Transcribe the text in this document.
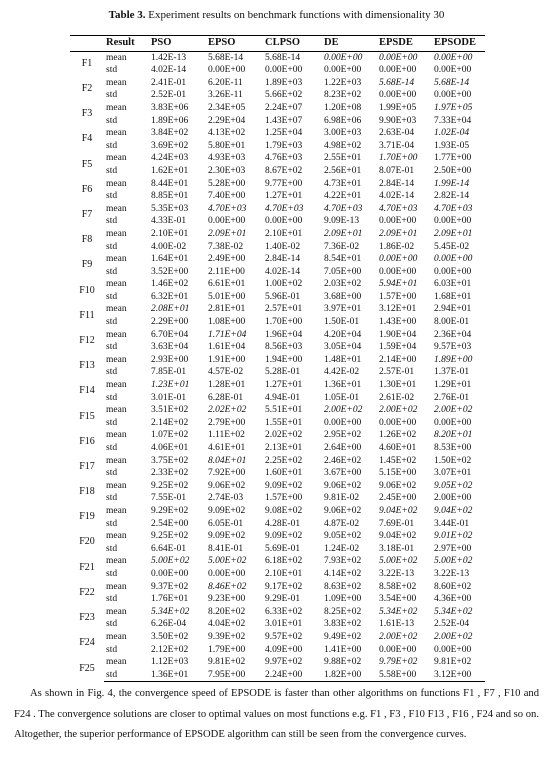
Table 3. Experiment results on benchmark functions with dimensionality 30
	Result	PSO	EPSO	CLPSO	DE	EPSDE	EPSODE
F1	mean	1.42E-13	5.68E-14	5.68E-14	0.00E+00	0.00E+00	0.00E+00
	std	4.02E-14	0.00E+00	0.00E+00	0.00E+00	0.00E+00	0.00E+00
F2	mean	2.41E-01	6.20E-11	1.89E+03	1.22E+03	5.68E-14	5.68E-14
	std	2.52E-01	3.26E-11	5.66E+02	8.23E+02	0.00E+00	0.00E+00
F3	mean	3.83E+06	2.34E+05	2.24E+07	1.20E+08	1.99E+05	1.97E+05
	std	1.89E+06	2.29E+04	1.43E+07	6.98E+06	9.90E+03	7.33E+04
F4	mean	3.84E+02	4.13E+02	1.25E+04	3.00E+03	2.63E-04	1.02E-04
	std	3.69E+02	5.80E+01	1.79E+03	4.98E+02	3.71E-04	1.93E-05
F5	mean	4.24E+03	4.93E+03	4.76E+03	2.55E+01	1.70E+00	1.77E+00
	std	1.62E+01	2.30E+03	8.67E+02	2.56E+01	8.07E-01	2.50E+00
F6	mean	8.44E+01	5.28E+00	9.77E+00	4.73E+01	2.84E-14	1.99E-14
	std	8.85E+01	7.40E+00	1.27E+01	4.22E+01	4.02E-14	2.82E-14
F7	mean	5.35E+03	4.70E+03	4.70E+03	4.70E+03	4.70E+03	4.70E+03
	std	4.33E-01	0.00E+00	0.00E+00	9.09E-13	0.00E+00	0.00E+00
F8	mean	2.10E+01	2.09E+01	2.10E+01	2.09E+01	2.09E+01	2.09E+01
	std	4.00E-02	7.38E-02	1.40E-02	7.36E-02	1.86E-02	5.45E-02
F9	mean	1.64E+01	2.49E+00	2.84E-14	8.54E+01	0.00E+00	0.00E+00
	std	3.52E+00	2.11E+00	4.02E-14	7.05E+00	0.00E+00	0.00E+00
F10	mean	1.46E+02	6.61E+01	1.00E+02	2.03E+02	5.94E+01	6.03E+01
	std	6.32E+01	5.01E+00	5.96E-01	3.68E+00	1.57E+00	1.68E+01
F11	mean	2.08E+01	2.81E+01	2.57E+01	3.97E+01	3.12E+01	2.94E+01
	std	2.29E+00	1.08E+00	1.70E+00	1.50E-01	1.43E+00	8.00E-01
F12	mean	6.70E+04	1.71E+04	1.96E+04	4.20E+04	1.90E+04	2.36E+04
	std	3.63E+04	1.61E+04	8.56E+03	3.05E+04	1.59E+04	9.57E+03
F13	mean	2.93E+00	1.91E+00	1.94E+00	1.48E+01	2.14E+00	1.89E+00
	std	7.85E-01	4.57E-02	5.28E-01	4.42E-02	2.57E-01	1.37E-01
F14	mean	1.23E+01	1.28E+01	1.27E+01	1.36E+01	1.30E+01	1.29E+01
	std	3.01E-01	6.28E-01	4.94E-01	1.05E-01	2.61E-02	2.76E-01
F15	mean	3.51E+02	2.02E+02	5.51E+01	2.00E+02	2.00E+02	2.00E+02
	std	2.14E+02	2.79E+00	1.55E+01	0.00E+00	0.00E+00	0.00E+00
F16	mean	1.07E+02	1.11E+02	2.02E+02	2.95E+02	1.26E+02	8.20E+01
	std	4.06E+01	4.61E+01	2.13E+01	2.64E+00	4.60E+01	8.53E+00
F17	mean	3.75E+02	8.04E+01	2.25E+02	2.46E+02	1.45E+02	1.50E+02
	std	2.33E+02	7.92E+00	1.60E+01	3.67E+00	5.15E+00	3.07E+01
F18	mean	9.25E+02	9.06E+02	9.09E+02	9.06E+02	9.06E+02	9.05E+02
	std	7.55E-01	2.74E-03	1.57E+00	9.81E-02	2.45E+00	2.00E+00
F19	mean	9.29E+02	9.09E+02	9.08E+02	9.06E+02	9.04E+02	9.04E+02
	std	2.54E+00	6.05E-01	4.28E-01	4.87E-02	7.69E-01	3.44E-01
F20	mean	9.25E+02	9.09E+02	9.09E+02	9.05E+02	9.04E+02	9.01E+02
	std	6.64E-01	8.41E-01	5.69E-01	1.24E-02	3.18E-01	2.97E+00
F21	mean	5.00E+02	5.00E+02	6.18E+02	7.93E+02	5.00E+02	5.00E+02
	std	0.00E+00	0.00E+00	2.10E+01	4.14E+02	3.22E-13	3.22E-13
F22	mean	9.37E+02	8.46E+02	9.17E+02	8.63E+02	8.58E+02	8.60E+02
	std	1.76E+01	9.23E+00	9.29E-01	1.09E+00	3.54E+00	4.36E+00
F23	mean	5.34E+02	8.20E+02	6.33E+02	8.25E+02	5.34E+02	5.34E+02
	std	6.26E-04	4.04E+02	3.01E+01	3.83E+02	1.61E-13	2.52E-04
F24	mean	3.50E+02	9.39E+02	9.57E+02	9.49E+02	2.00E+02	2.00E+02
	std	2.12E+02	1.79E+00	4.09E+00	1.41E+00	0.00E+00	0.00E+00
F25	mean	1.12E+03	9.81E+02	9.97E+02	9.88E+02	9.79E+02	9.81E+02
	std	1.36E+01	7.95E+00	2.24E+00	1.82E+00	5.58E+00	3.12E+00

As shown in Fig. 4, the convergence speed of EPSODE is faster than other algorithms on functions F1 , F7 , F10 and F24 . The convergence solutions are closer to optimal values on most functions e.g. F1 , F3 , F10 F13 , F16 , F24 and so on. Altogether, the superior performance of EPSODE algorithm can still be seen from the convergence curves.
